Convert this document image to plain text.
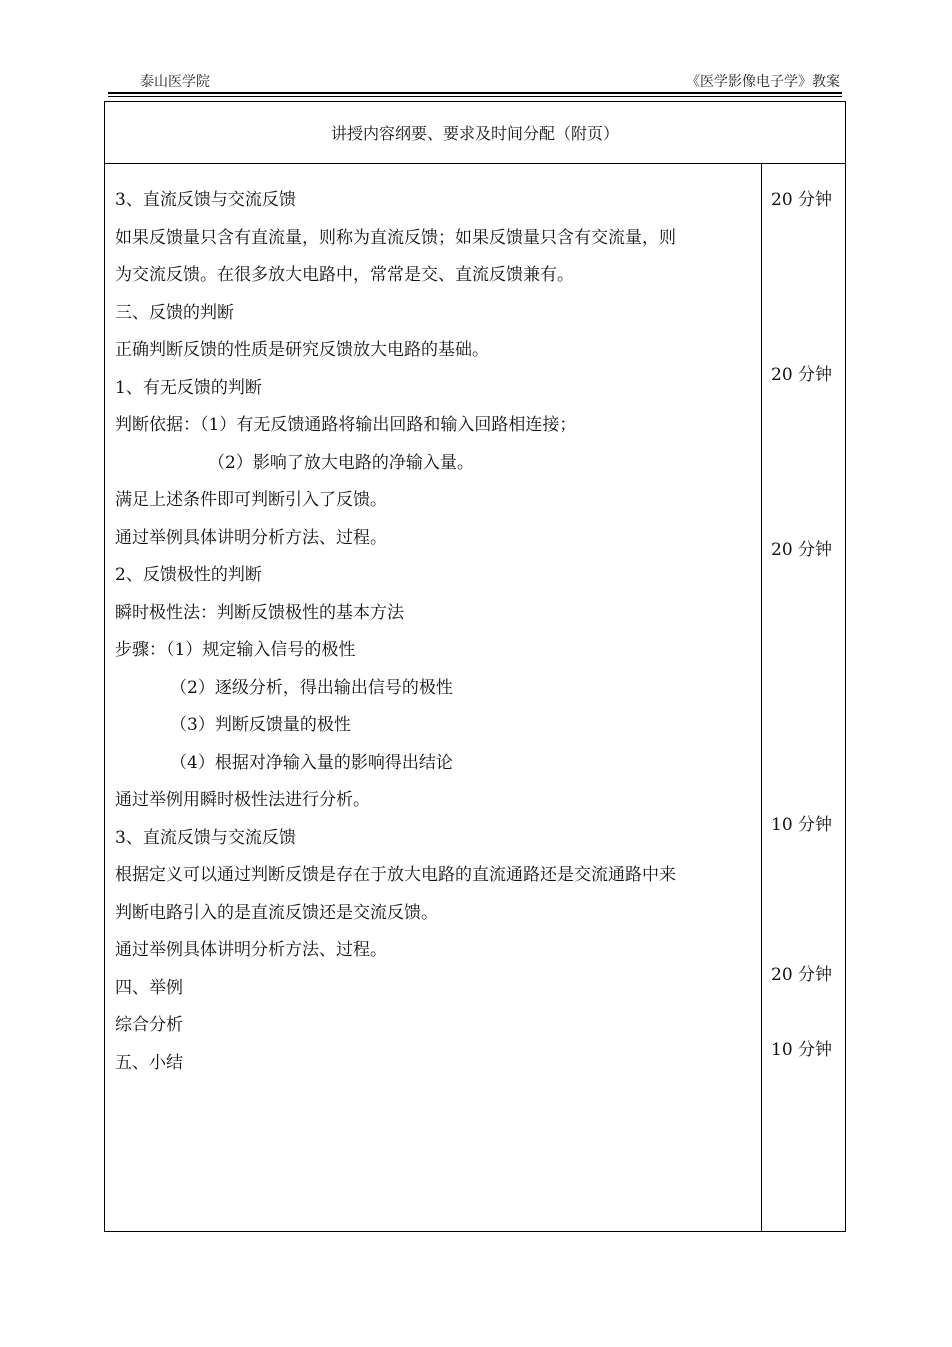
泰山医学院	《医学影像电子学》教案
讲授内容纲要、要求及时间分配（附页）
3、直流反馈与交流反馈
如果反馈量只含有直流量，则称为直流反馈；如果反馈量只含有交流量，则
为交流反馈。在很多放大电路中，常常是交、直流反馈兼有。
三、反馈的判断
正确判断反馈的性质是研究反馈放大电路的基础。
1、有无反馈的判断
判断依据：（1）有无反馈通路将输出回路和输入回路相连接；
（2）影响了放大电路的净输入量。
满足上述条件即可判断引入了反馈。
通过举例具体讲明分析方法、过程。
2、反馈极性的判断
瞬时极性法：判断反馈极性的基本方法
步骤：（1）规定输入信号的极性
（2）逐级分析，得出输出信号的极性
（3）判断反馈量的极性
（4）根据对净输入量的影响得出结论
通过举例用瞬时极性法进行分析。
3、直流反馈与交流反馈
根据定义可以通过判断反馈是存在于放大电路的直流通路还是交流通路中来
判断电路引入的是直流反馈还是交流反馈。
通过举例具体讲明分析方法、过程。
四、举例
综合分析
五、小结
20 分钟
20 分钟
20 分钟
10 分钟
20 分钟
10 分钟
